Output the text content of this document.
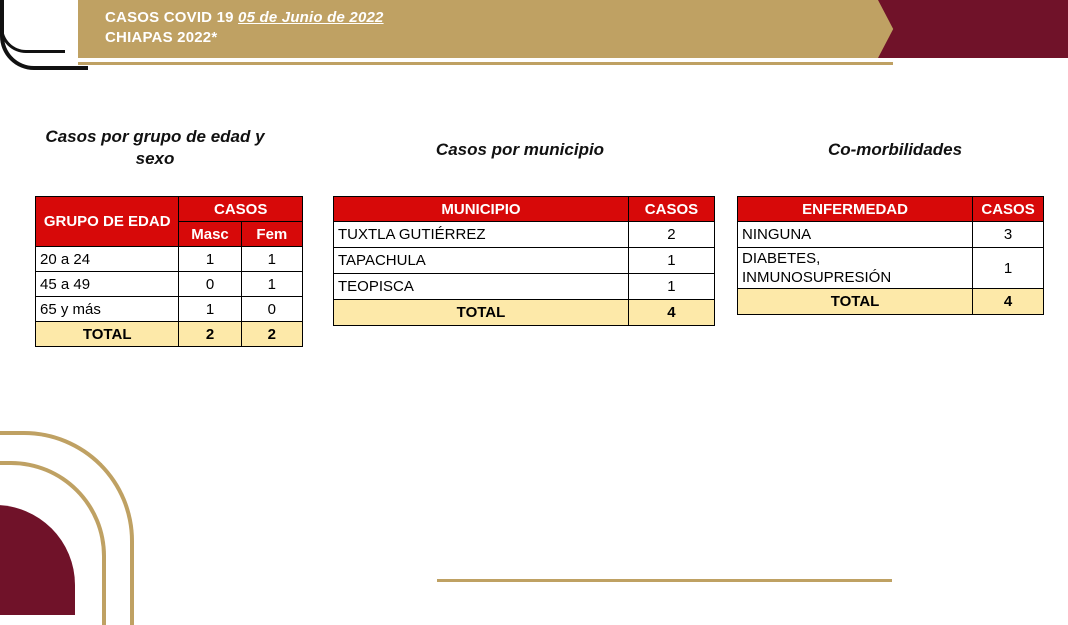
CASOS COVID 19 05 de Junio de 2022
CHIAPAS 2022*
Casos por grupo de edad y sexo	Casos por municipio	Co-morbilidades
GRUPO DE EDAD	CASOS	
	Masc	Fem
20 a 24	1	1
45 a 49	0	1
65 y más	1	0
TOTAL	2	2
MUNICIPIO	CASOS
TUXTLA GUTIÉRREZ	2
TAPACHULA	1
TEOPISCA	1
TOTAL	4
ENFERMEDAD	CASOS
NINGUNA	3
DIABETES, INMUNOSUPRESIÓN	1
TOTAL	4
